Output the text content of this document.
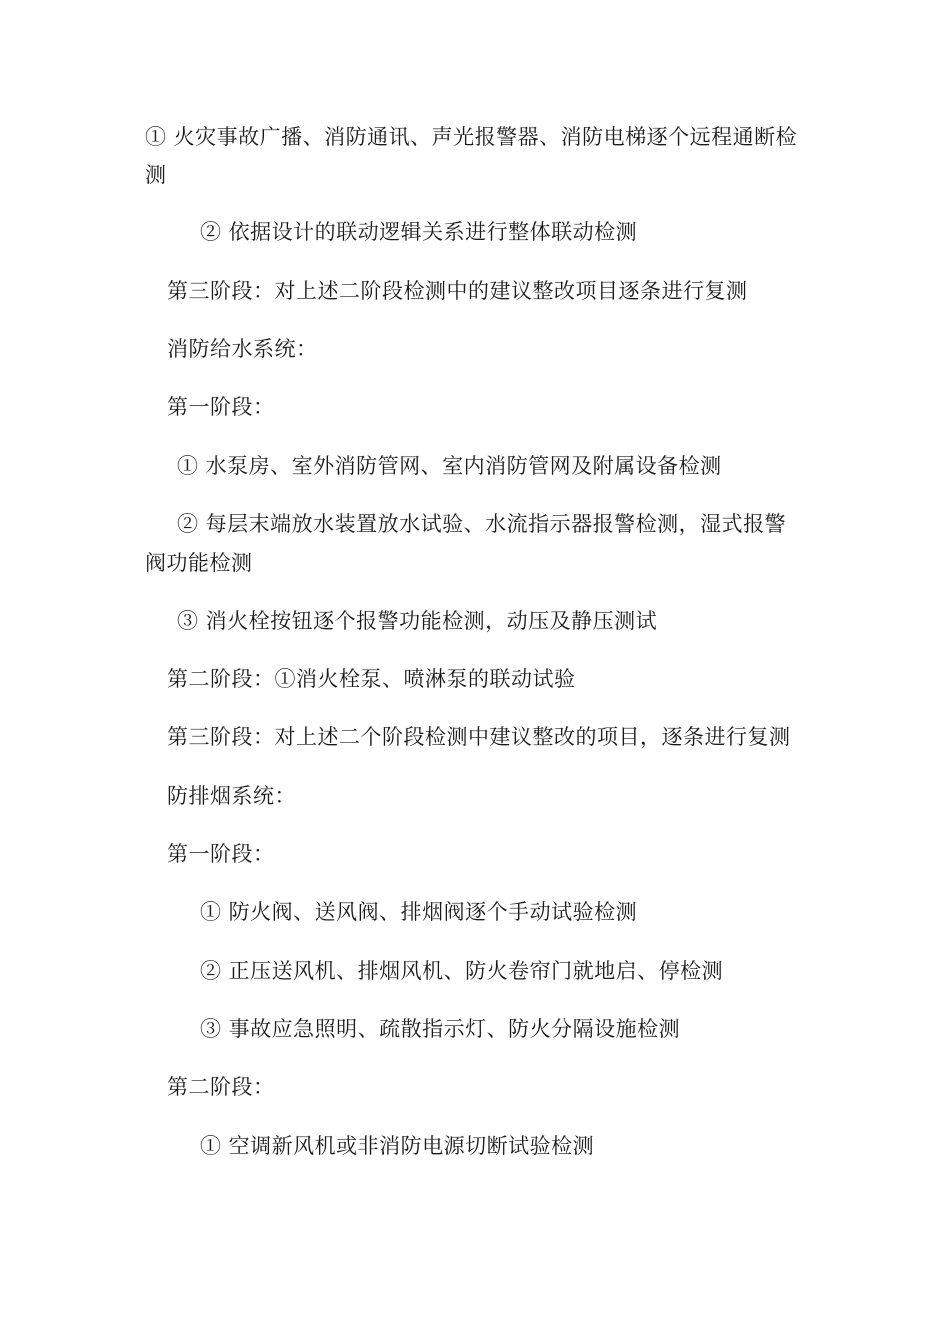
① 火灾事故广播、消防通讯、声光报警器、消防电梯逐个远程通断检
测
② 依据设计的联动逻辑关系进行整体联动检测
第三阶段：对上述二阶段检测中的建议整改项目逐条进行复测
消防给水系统：
第一阶段：
① 水泵房、室外消防管网、室内消防管网及附属设备检测
② 每层末端放水装置放水试验、水流指示器报警检测，湿式报警
阀功能检测
③ 消火栓按钮逐个报警功能检测，动压及静压测试
第二阶段：①消火栓泵、喷淋泵的联动试验
第三阶段：对上述二个阶段检测中建议整改的项目，逐条进行复测
防排烟系统：
第一阶段：
① 防火阀、送风阀、排烟阀逐个手动试验检测
② 正压送风机、排烟风机、防火卷帘门就地启、停检测
③ 事故应急照明、疏散指示灯、防火分隔设施检测
第二阶段：
① 空调新风机或非消防电源切断试验检测
